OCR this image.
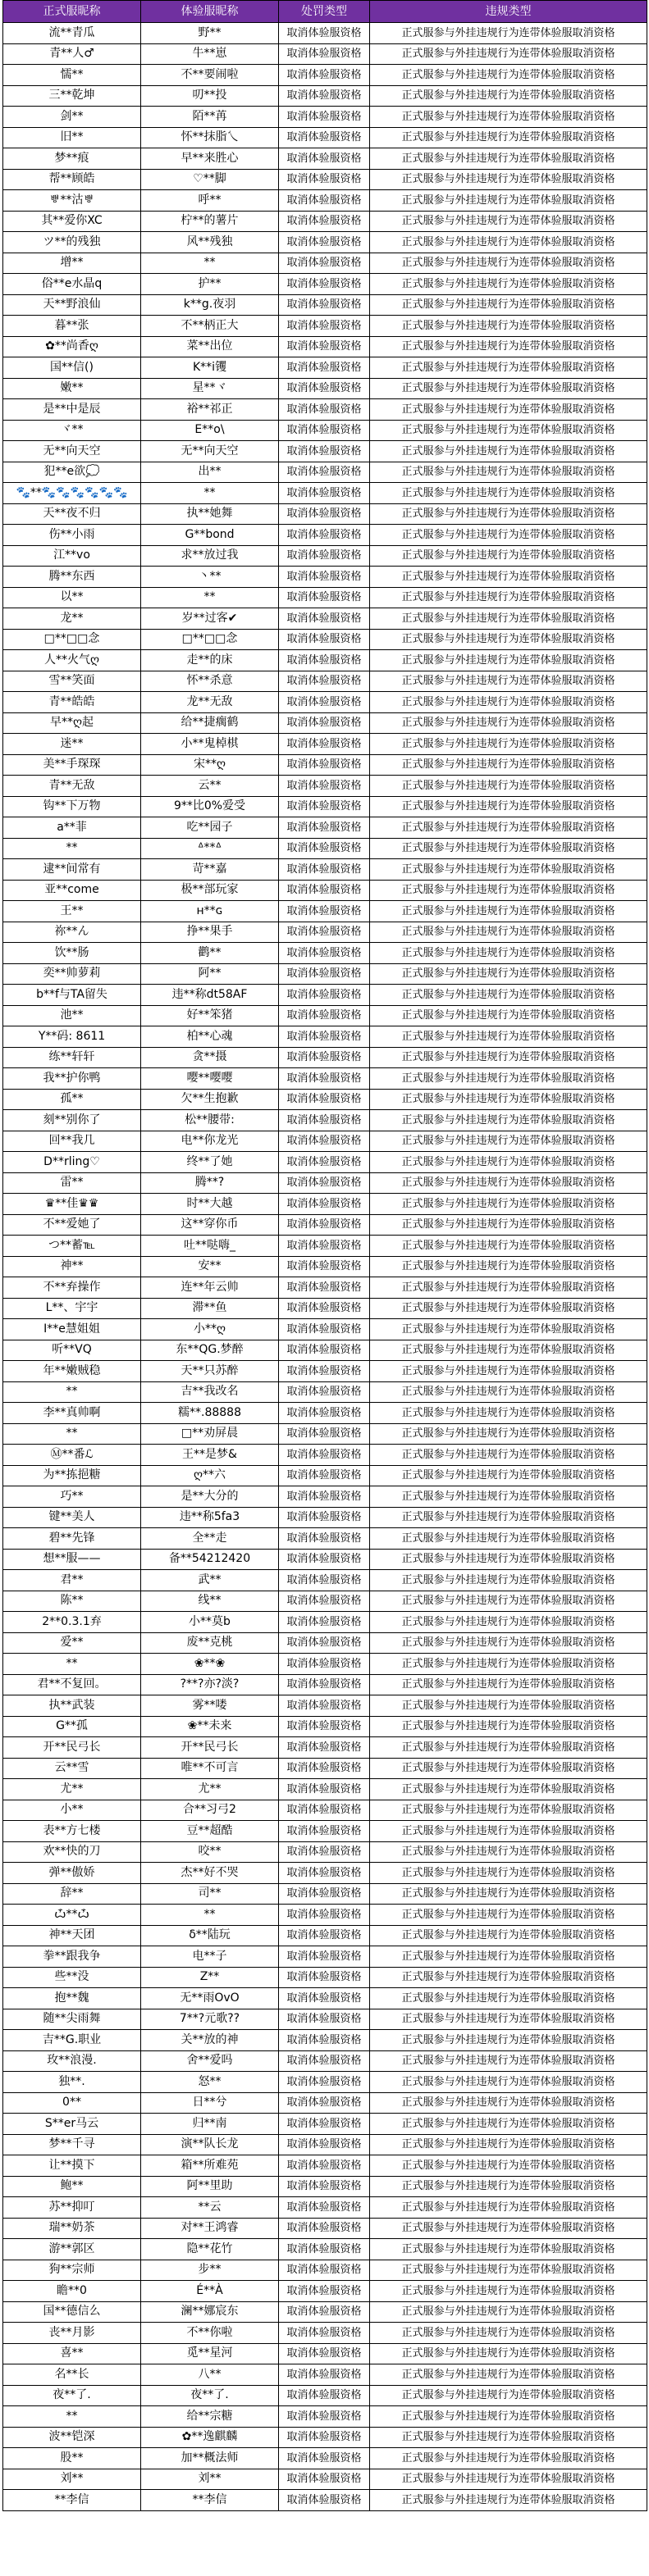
正式服昵称	体验服昵称	处罚类型	违规类型
流**青瓜	野**	取消体验服资格	正式服参与外挂违规行为连带体验服取消资格
青**人♂	牛**崽	取消体验服资格	正式服参与外挂违规行为连带体验服取消资格
懦**	不**要闹啦	取消体验服资格	正式服参与外挂违规行为连带体验服取消资格
三**乾坤	叨**投	取消体验服资格	正式服参与外挂违规行为连带体验服取消资格
剑**	陌**苒	取消体验服资格	正式服参与外挂违规行为连带体验服取消资格
旧**	怀**抹脂乀	取消体验服资格	正式服参与外挂违规行为连带体验服取消资格
梦**痕	早**来胜心	取消体验服资格	正式服参与外挂违规行为连带体验服取消资格
帮**顾皓	♡**脚	取消体验服资格	正式服参与外挂违规行为连带体验服取消资格
ㅹ**沽ㅹ	呼**	取消体验服资格	正式服参与外挂违规行为连带体验服取消资格
其**爱你XC	柠**的薯片	取消体验服资格	正式服参与外挂违规行为连带体验服取消资格
ツ**的残独	风**残独	取消体验服资格	正式服参与外挂违规行为连带体验服取消资格
增**	**	取消体验服资格	正式服参与外挂违规行为连带体验服取消资格
俗**e水晶q	护**	取消体验服资格	正式服参与外挂违规行为连带体验服取消资格
天**野浪仙	k**g.夜羽	取消体验服资格	正式服参与外挂违规行为连带体验服取消资格
暮**张	不**柄正大	取消体验服资格	正式服参与外挂违规行为连带体验服取消资格
✿**尚香ღ	菜**出位	取消体验服资格	正式服参与外挂违规行为连带体验服取消资格
国**信()	K**i䦆	取消体验服资格	正式服参与外挂违规行为连带体验服取消资格
嫩**	星**ヾ	取消体验服资格	正式服参与外挂违规行为连带体验服取消资格
是**中是辰	裕**祁正	取消体验服资格	正式服参与外挂违规行为连带体验服取消资格
ヾ**	E**o\	取消体验服资格	正式服参与外挂违规行为连带体验服取消资格
无**向天空	无**向天空	取消体验服资格	正式服参与外挂违规行为连带体验服取消资格
犯**e欲💭	出**	取消体验服资格	正式服参与外挂违规行为连带体验服取消资格
🐾**🐾🐾🐾🐾🐾🐾	**	取消体验服资格	正式服参与外挂违规行为连带体验服取消资格
天**夜不归	执**她舞	取消体验服资格	正式服参与外挂违规行为连带体验服取消资格
伤**小雨	G**bond	取消体验服资格	正式服参与外挂违规行为连带体验服取消资格
江**vo	求**放过我	取消体验服资格	正式服参与外挂违规行为连带体验服取消资格
腾**东西	丶**	取消体验服资格	正式服参与外挂违规行为连带体验服取消资格
以**	**	取消体验服资格	正式服参与外挂违规行为连带体验服取消资格
龙**	岁**过客✔	取消体验服资格	正式服参与外挂违规行为连带体验服取消资格
□**□□念	□**□□念	取消体验服资格	正式服参与外挂违规行为连带体验服取消资格
人**火气ღ	走**的床	取消体验服资格	正式服参与外挂违规行为连带体验服取消资格
雪**笑面	怀**杀意	取消体验服资格	正式服参与外挂违规行为连带体验服取消资格
青**皓皓	龙**无敌	取消体验服资格	正式服参与外挂违规行为连带体验服取消资格
早**ღ起	给**捷瘸鹤	取消体验服资格	正式服参与外挂违规行为连带体验服取消资格
迷**	小**鬼棹棋	取消体验服资格	正式服参与外挂违规行为连带体验服取消资格
美**手琛琛	宋**ღ	取消体验服资格	正式服参与外挂违规行为连带体验服取消资格
青**无敌	云**	取消体验服资格	正式服参与外挂违规行为连带体验服取消资格
钩**下万物	9**比0%爱受	取消体验服资格	正式服参与外挂违规行为连带体验服取消资格
a**菲	吃**园子	取消体验服资格	正式服参与外挂违规行为连带体验服取消资格
**	ᐞ**ᐞ	取消体验服资格	正式服参与外挂违规行为连带体验服取消资格
逮**间常有	苛**嘉	取消体验服资格	正式服参与外挂违规行为连带体验服取消资格
亚**come	极**部玩家	取消体验服资格	正式服参与外挂违规行为连带体验服取消资格
王**	ʜ**ɢ	取消体验服资格	正式服参与外挂违规行为连带体验服取消资格
祢**ん	挣**果手	取消体验服资格	正式服参与外挂违规行为连带体验服取消资格
饮**肠	鹳**	取消体验服资格	正式服参与外挂违规行为连带体验服取消资格
奕**帅萝莉	阿**	取消体验服资格	正式服参与外挂违规行为连带体验服取消资格
b**f与TA留失	违**称dt58AF	取消体验服资格	正式服参与外挂违规行为连带体验服取消资格
池**	好**笨猪	取消体验服资格	正式服参与外挂违规行为连带体验服取消资格
Y**码: 8611	柏**心魂	取消体验服资格	正式服参与外挂违规行为连带体验服取消资格
练**轩轩	贪**摄	取消体验服资格	正式服参与外挂违规行为连带体验服取消资格
我**护你鸭	嘤**嘤嘤	取消体验服资格	正式服参与外挂违规行为连带体验服取消资格
孤**	欠**生抱歉	取消体验服资格	正式服参与外挂违规行为连带体验服取消资格
刻**别你了	松**腰带:	取消体验服资格	正式服参与外挂违规行为连带体验服取消资格
回**我几	电**你龙光	取消体验服资格	正式服参与外挂违规行为连带体验服取消资格
D**rling♡	终**了她	取消体验服资格	正式服参与外挂违规行为连带体验服取消资格
雷**	腾**?	取消体验服资格	正式服参与外挂违规行为连带体验服取消资格
♛**佳♛♛	时**大越	取消体验服资格	正式服参与外挂违规行为连带体验服取消资格
不**爱她了	这**穿你币	取消体验服资格	正式服参与外挂违规行为连带体验服取消资格
つ**蓄℡	吐**哒嗨_	取消体验服资格	正式服参与外挂违规行为连带体验服取消资格
神**	安**	取消体验服资格	正式服参与外挂违规行为连带体验服取消资格
不**弃操作	连**年云帅	取消体验服资格	正式服参与外挂违规行为连带体验服取消资格
L**、宇宇	滞**鱼	取消体验服资格	正式服参与外挂违规行为连带体验服取消资格
I**e慧姐姐	小**ღ	取消体验服资格	正式服参与外挂违规行为连带体验服取消资格
听**VQ	东**QG.梦醉	取消体验服资格	正式服参与外挂违规行为连带体验服取消资格
年**嫩贼稳	天**只苏醉	取消体验服资格	正式服参与外挂违规行为连带体验服取消资格
**	吉**我改名	取消体验服资格	正式服参与外挂违规行为连带体验服取消资格
李**真帅啊	糯**.88888	取消体验服资格	正式服参与外挂违规行为连带体验服取消资格
**	□**劝屏晨	取消体验服资格	正式服参与外挂违规行为连带体验服取消资格
Ⓜ**番ℒ	王**是梦&	取消体验服资格	正式服参与外挂违规行为连带体验服取消资格
为**拣挹糖	ღ**六	取消体验服资格	正式服参与外挂违规行为连带体验服取消资格
巧**	是**大分的	取消体验服资格	正式服参与外挂违规行为连带体验服取消资格
键**美人	违**称5fa3	取消体验服资格	正式服参与外挂违规行为连带体验服取消资格
碧**先锋	全**走	取消体验服资格	正式服参与外挂违规行为连带体验服取消资格
想**服——	备**54212420	取消体验服资格	正式服参与外挂违规行为连带体验服取消资格
君**	武**	取消体验服资格	正式服参与外挂违规行为连带体验服取消资格
陈**	线**	取消体验服资格	正式服参与外挂违规行为连带体验服取消资格
2**0.3.1弃	小**莫b	取消体验服资格	正式服参与外挂违规行为连带体验服取消资格
爱**	废**克桃	取消体验服资格	正式服参与外挂违规行为连带体验服取消资格
**	❀**❀	取消体验服资格	正式服参与外挂违规行为连带体验服取消资格
君**不复回。	?**?亦?淡?	取消体验服资格	正式服参与外挂违规行为连带体验服取消资格
执**武装	雾**喽	取消体验服资格	正式服参与外挂违规行为连带体验服取消资格
G**孤	❀**未来	取消体验服资格	正式服参与外挂违规行为连带体验服取消资格
开**民弓长	开**民弓长	取消体验服资格	正式服参与外挂违规行为连带体验服取消资格
云**雪	唯**不可言	取消体验服资格	正式服参与外挂违规行为连带体验服取消资格
尤**	尤**	取消体验服资格	正式服参与外挂违规行为连带体验服取消资格
小**	合**习弓2	取消体验服资格	正式服参与外挂违规行为连带体验服取消资格
表**方七楼	豆**超酷	取消体验服资格	正式服参与外挂违规行为连带体验服取消资格
欢**快的刀	咬**	取消体验服资格	正式服参与外挂违规行为连带体验服取消资格
弹**傲娇	杰**好不哭	取消体验服资格	正式服参与外挂违规行为连带体验服取消资格
辞**	司**	取消体验服资格	正式服参与外挂违规行为连带体验服取消资格
ѽ**ѽ	**	取消体验服资格	正式服参与外挂违规行为连带体验服取消资格
神**天团	δ**陆玩	取消体验服资格	正式服参与外挂违规行为连带体验服取消资格
拳**跟我争	电**子	取消体验服资格	正式服参与外挂违规行为连带体验服取消资格
些**没	Z**	取消体验服资格	正式服参与外挂违规行为连带体验服取消资格
抱**魏	无**雨OvO	取消体验服资格	正式服参与外挂违规行为连带体验服取消资格
随**尖雨舞	7**?元歌??	取消体验服资格	正式服参与外挂违规行为连带体验服取消资格
吉**G.职业	关**放的神	取消体验服资格	正式服参与外挂违规行为连带体验服取消资格
玫**浪漫.	舍**爱吗	取消体验服资格	正式服参与外挂违规行为连带体验服取消资格
独**.	怒**	取消体验服资格	正式服参与外挂违规行为连带体验服取消资格
0**	日**兮	取消体验服资格	正式服参与外挂违规行为连带体验服取消资格
S**er马云	归**南	取消体验服资格	正式服参与外挂违规行为连带体验服取消资格
梦**千寻	演**队长龙	取消体验服资格	正式服参与外挂违规行为连带体验服取消资格
让**摸下	箱**所难苑	取消体验服资格	正式服参与外挂违规行为连带体验服取消资格
鲍**	阿**里助	取消体验服资格	正式服参与外挂违规行为连带体验服取消资格
苏**抑叮	**云	取消体验服资格	正式服参与外挂违规行为连带体验服取消资格
瑞**奶茶	对**王鸿睿	取消体验服资格	正式服参与外挂违规行为连带体验服取消资格
游**郭区	隐**花竹	取消体验服资格	正式服参与外挂违规行为连带体验服取消资格
狗**宗师	步**	取消体验服资格	正式服参与外挂违规行为连带体验服取消资格
瞻**0	É**À	取消体验服资格	正式服参与外挂违规行为连带体验服取消资格
国**德信么	澜**娜宸东	取消体验服资格	正式服参与外挂违规行为连带体验服取消资格
丧**月影	不**你啦	取消体验服资格	正式服参与外挂违规行为连带体验服取消资格
喜**	觅**星河	取消体验服资格	正式服参与外挂违规行为连带体验服取消资格
名**长	八**	取消体验服资格	正式服参与外挂违规行为连带体验服取消资格
夜**了.	夜**了.	取消体验服资格	正式服参与外挂违规行为连带体验服取消资格
**	给**宗糖	取消体验服资格	正式服参与外挂违规行为连带体验服取消资格
波**铠深	✿**逸麒麟	取消体验服资格	正式服参与外挂违规行为连带体验服取消资格
股**	加**概法师	取消体验服资格	正式服参与外挂违规行为连带体验服取消资格
刘**	刘**	取消体验服资格	正式服参与外挂违规行为连带体验服取消资格
**李信	**李信	取消体验服资格	正式服参与外挂违规行为连带体验服取消资格
